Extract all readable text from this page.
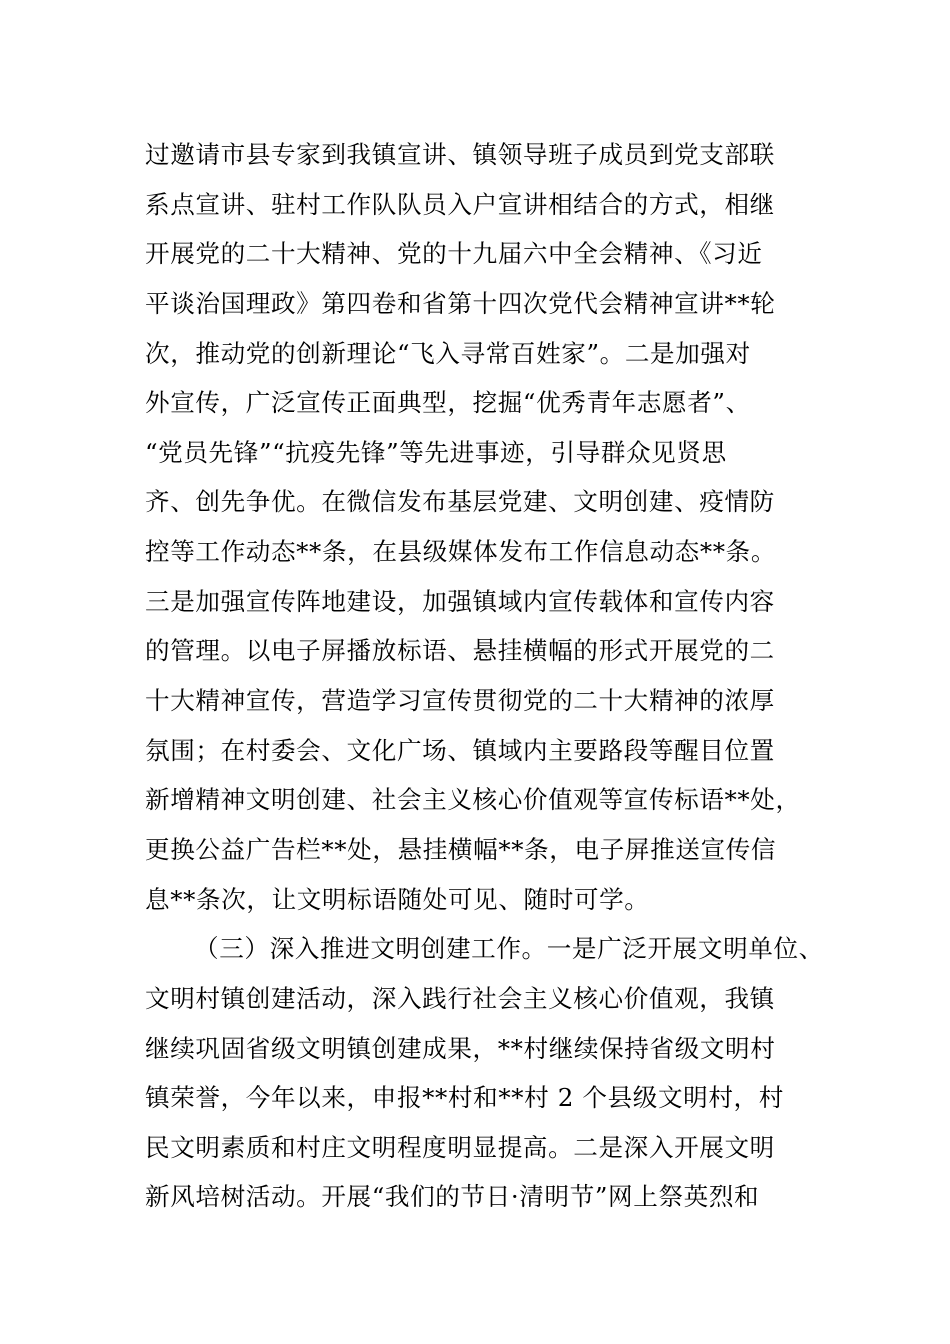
过邀请市县专家到我镇宣讲、镇领导班子成员到党支部联
系点宣讲、驻村工作队队员入户宣讲相结合的方式，相继
开展党的二十大精神、党的十九届六中全会精神、《习近
平谈治国理政》第四卷和省第十四次党代会精神宣讲**轮
次，推动党的创新理论“飞入寻常百姓家”。二是加强对
外宣传，广泛宣传正面典型，挖掘“优秀青年志愿者”、
“党员先锋”“抗疫先锋”等先进事迹，引导群众见贤思
齐、创先争优。在微信发布基层党建、文明创建、疫情防
控等工作动态**条，在县级媒体发布工作信息动态**条。
三是加强宣传阵地建设，加强镇域内宣传载体和宣传内容
的管理。以电子屏播放标语、悬挂横幅的形式开展党的二
十大精神宣传，营造学习宣传贯彻党的二十大精神的浓厚
氛围；在村委会、文化广场、镇域内主要路段等醒目位置
新增精神文明创建、社会主义核心价值观等宣传标语**处，
更换公益广告栏**处，悬挂横幅**条，电子屏推送宣传信
息**条次，让文明标语随处可见、随时可学。
（三）深入推进文明创建工作。一是广泛开展文明单位、
文明村镇创建活动，深入践行社会主义核心价值观，我镇
继续巩固省级文明镇创建成果，**村继续保持省级文明村
镇荣誉，今年以来，申报**村和**村 2 个县级文明村，村
民文明素质和村庄文明程度明显提高。二是深入开展文明
新风培树活动。开展“我们的节日·清明节”网上祭英烈和
